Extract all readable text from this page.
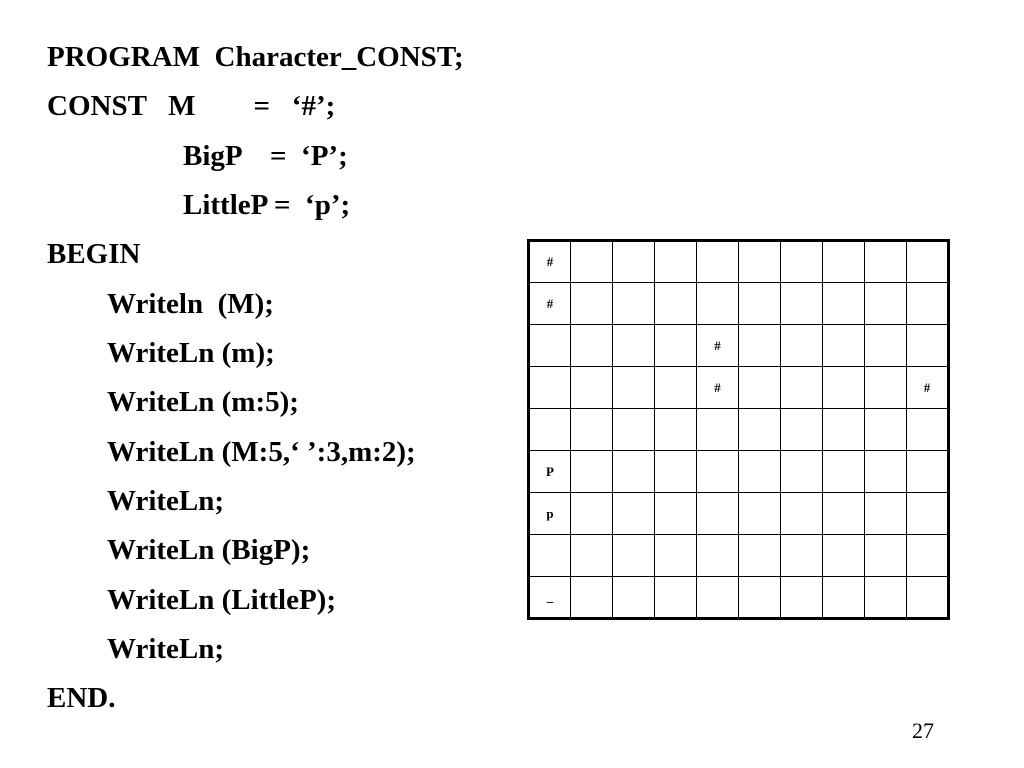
PROGRAM  Character_CONST;
CONST   M        =   ‘#’;
BigP    =  ‘P’;
LittleP =  ‘p’;
BEGIN
Writeln  (M);
WriteLn (m);
WriteLn (m:5);
WriteLn (M:5,‘ ’:3,m:2);
WriteLn;
WriteLn (BigP);
WriteLn (LittleP);
WriteLn;
END.
#									
#									
				#					
				#					#

P									
p									

_									
27
